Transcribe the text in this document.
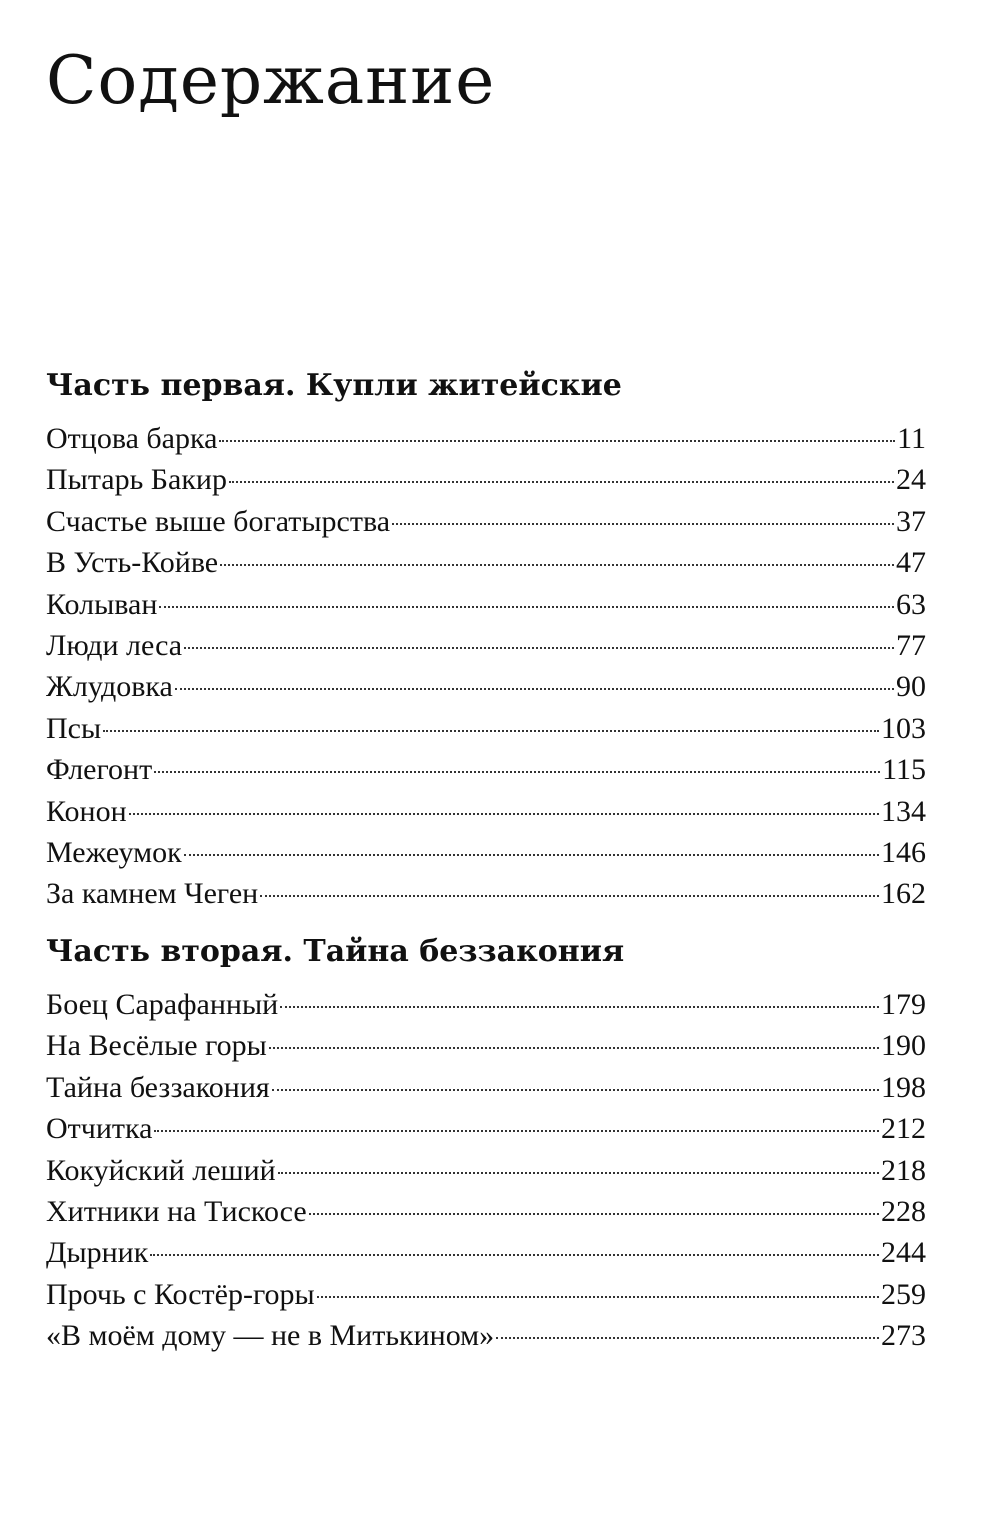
Содержание
Часть первая. Купли житейские
Отцова барка	11
Пытарь Бакир	24
Счастье выше богатырства	37
В Усть-Койве	47
Колыван	63
Люди леса	77
Жлудовка	90
Псы	103
Флегонт	115
Конон	134
Межеумок	146
За камнем Чеген	162
Часть вторая. Тайна беззакония
Боец Сарафанный	179
На Весёлые горы	190
Тайна беззакония	198
Отчитка	212
Кокуйский леший	218
Хитники на Тискосе	228
Дырник	244
Прочь с Костёр-горы	259
«В моём дому — не в Митькином»	273
